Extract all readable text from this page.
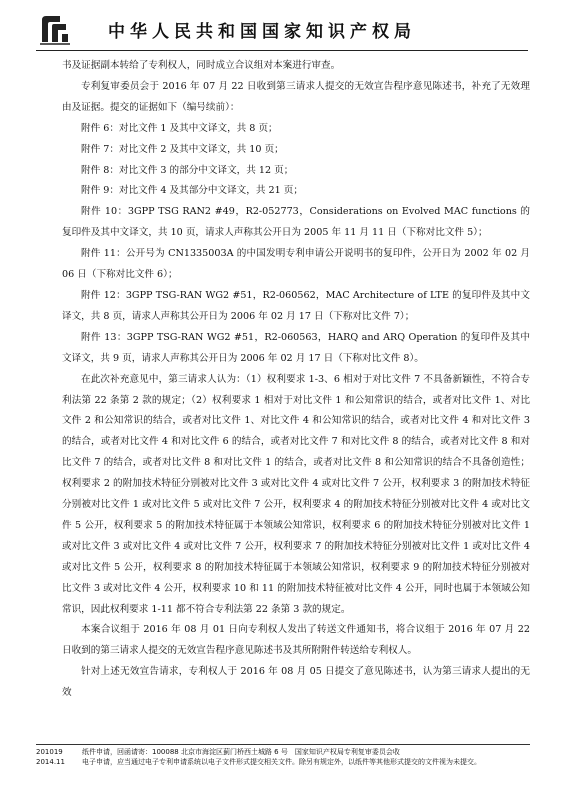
中华人民共和国国家知识产权局

书及证据副本转给了专利权人，同时成立合议组对本案进行审查。

专利复审委员会于 2016 年 07 月 22 日收到第三请求人提交的无效宣告程序意见陈述书，补充了无效理由及证据。提交的证据如下（编号续前）：

附件 6：对比文件 1 及其中文译文，共 8 页；

附件 7：对比文件 2 及其中文译文，共 10 页；

附件 8：对比文件 3 的部分中文译文，共 12 页；

附件 9：对比文件 4 及其部分中文译文，共 21 页；

附件 10：3GPP TSG RAN2 #49，R2-052773，Considerations on Evolved MAC functions 的复印件及其中文译文，共 10 页，请求人声称其公开日为 2005 年 11 月 11 日（下称对比文件 5）；

附件 11：公开号为 CN1335003A 的中国发明专利申请公开说明书的复印件，公开日为 2002 年 02 月 06 日（下称对比文件 6）；

附件 12：3GPP TSG-RAN WG2 #51，R2-060562，MAC Architecture of LTE 的复印件及其中文译文，共 8 页，请求人声称其公开日为 2006 年 02 月 17 日（下称对比文件 7）；

附件 13：3GPP TSG-RAN WG2 #51，R2-060563，HARQ and ARQ Operation 的复印件及其中文译文，共 9 页，请求人声称其公开日为 2006 年 02 月 17 日（下称对比文件 8）。

在此次补充意见中，第三请求人认为：（1）权利要求 1-3、6 相对于对比文件 7 不具备新颖性，不符合专利法第 22 条第 2 款的规定；（2）权利要求 1 相对于对比文件 1 和公知常识的结合，或者对比文件 1、对比文件 2 和公知常识的结合，或者对比文件 1、对比文件 4 和公知常识的结合，或者对比文件 4 和对比文件 3 的结合，或者对比文件 4 和对比文件 6 的结合，或者对比文件 7 和对比文件 8 的结合，或者对比文件 8 和对比文件 7 的结合，或者对比文件 8 和对比文件 1 的结合，或者对比文件 8 和公知常识的结合不具备创造性；权利要求 2 的附加技术特征分别被对比文件 3 或对比文件 4 或对比文件 7 公开，权利要求 3 的附加技术特征分别被对比文件 1 或对比文件 5 或对比文件 7 公开，权利要求 4 的附加技术特征分别被对比文件 4 或对比文件 5 公开，权利要求 5 的附加技术特征属于本领域公知常识，权利要求 6 的附加技术特征分别被对比文件 1 或对比文件 3 或对比文件 4 或对比文件 7 公开，权利要求 7 的附加技术特征分别被对比文件 1 或对比文件 4 或对比文件 5 公开，权利要求 8 的附加技术特征属于本领域公知常识，权利要求 9 的附加技术特征分别被对比文件 3 或对比文件 4 公开，权利要求 10 和 11 的附加技术特征被对比文件 4 公开，同时也属于本领域公知常识，因此权利要求 1-11 都不符合专利法第 22 条第 3 款的规定。

本案合议组于 2016 年 08 月 01 日向专利权人发出了转送文件通知书，将合议组于 2016 年 07 月 22 日收到的第三请求人提交的无效宣告程序意见陈述书及其所附附件转送给专利权人。

针对上述无效宣告请求，专利权人于 2016 年 08 月 05 日提交了意见陈述书，认为第三请求人提出的无效

201019	纸件申请，回函请寄：100088 北京市海淀区蓟门桥西土城路 6 号　国家知识产权局专利复审委员会收
2014.11	电子申请，应当通过电子专利申请系统以电子文件形式提交相关文件。除另有规定外，以纸件等其他形式提交的文件视为未提交。
